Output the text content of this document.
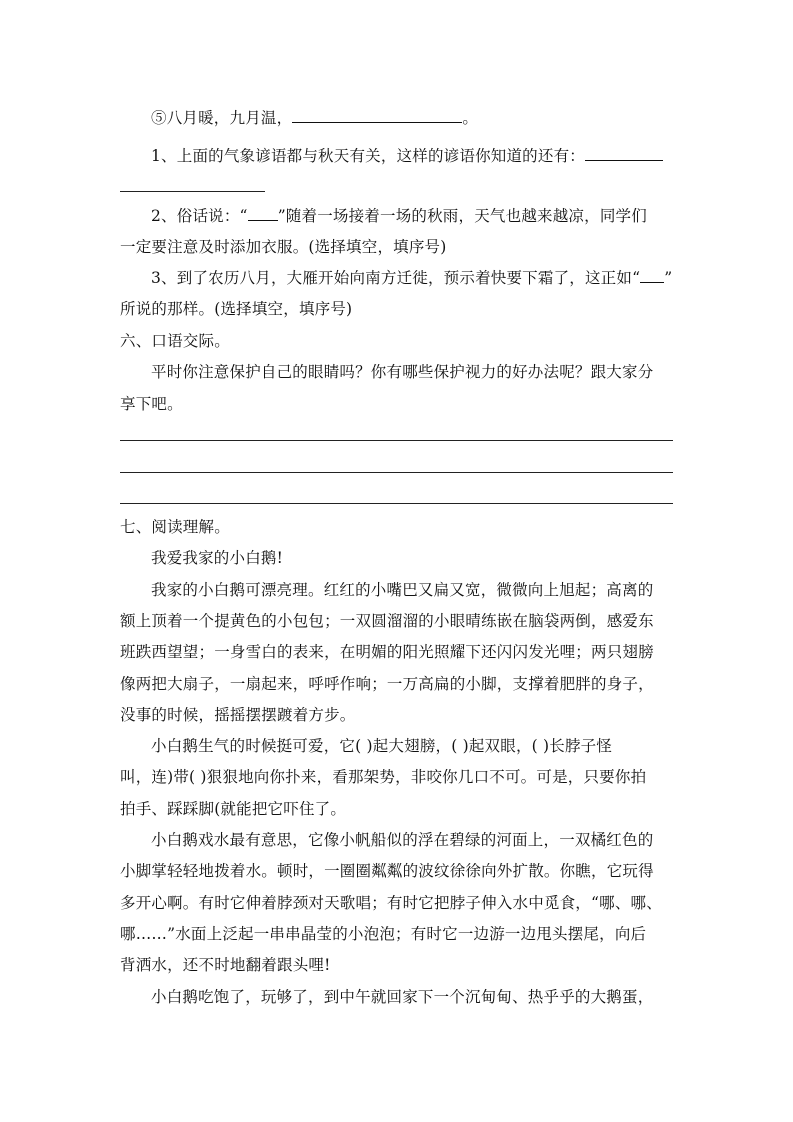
⑤八月暖，九月温，	。
1、上面的气象谚语都与秋天有关，这样的谚语你知道的还有：
2、俗话说：“ ”随着一场接着一场的秋雨，天气也越来越凉，同学们
一定要注意及时添加衣服。(选择填空，填序号)
3、到了农历八月，大雁开始向南方迁徙，预示着快要下霜了，这正如“ ”
所说的那样。(选择填空，填序号)
六、口语交际。
平时你注意保护自己的眼睛吗？你有哪些保护视力的好办法呢？跟大家分
享下吧。
七、阅读理解。
我爱我家的小白鹅!
我家的小白鹅可漂亮理。红红的小嘴巴又扁又宽，微微向上旭起；高离的
额上顶着一个提黄色的小包包；一双圆溜溜的小眼晴练嵌在脑袋两倒，感爱东
班跌西望望；一身雪白的表来，在明媚的阳光照耀下还闪闪发光哩；两只翅膀
像两把大扇子，一扇起来，呼呼作响；一万高扁的小脚，支撑着肥胖的身子，
没事的时候，摇摇摆摆踱着方步。
小白鹅生气的时候挺可爱，它( )起大翅膀，( )起双眼，( )长脖子怪
叫，连)带( )狠狠地向你扑来，看那架势，非咬你几口不可。可是，只要你拍
拍手、踩踩脚(就能把它吓住了。
小白鹅戏水最有意思，它像小帆船似的浮在碧绿的河面上，一双橘红色的
小脚掌轻轻地拨着水。顿时，一圈圈粼粼的波纹徐徐向外扩散。你瞧，它玩得
多开心啊。有时它伸着脖颈对天歌唱；有时它把脖子伸入水中觅食，“哪、哪、
哪……”水面上泛起一串串晶莹的小泡泡；有时它一边游一边甩头摆尾，向后
背洒水，还不时地翻着跟头哩!
小白鹅吃饱了，玩够了，到中午就回家下一个沉甸甸、热乎乎的大鹅蛋，
